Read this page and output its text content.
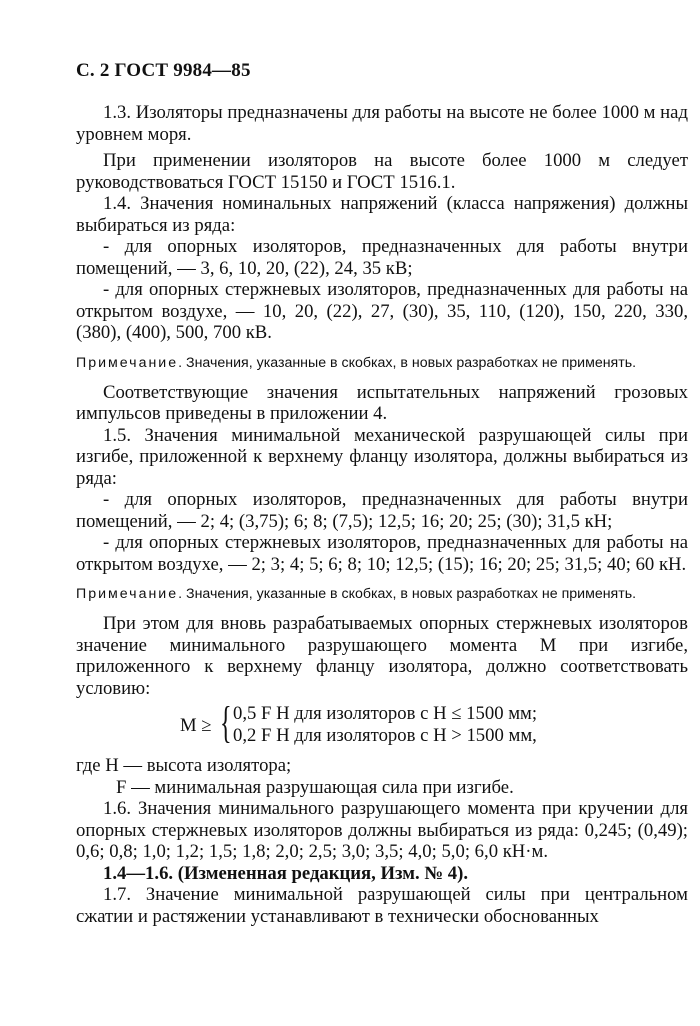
С. 2 ГОСТ 9984—85

1.3. Изоляторы предназначены для работы на высоте не более 1000 м над уровнем моря.

При применении изоляторов на высоте более 1000 м следует руководствоваться ГОСТ 15150 и ГОСТ 1516.1.

1.4. Значения номинальных напряжений (класса напряжения) должны выбираться из ряда:

- для опорных изоляторов, предназначенных для работы внутри помещений, — 3, 6, 10, 20, (22), 24, 35 кВ;

- для опорных стержневых изоляторов, предназначенных для работы на открытом воздухе, — 10, 20, (22), 27, (30), 35, 110, (120), 150, 220, 330, (380), (400), 500, 700 кВ.

Примечание. Значения, указанные в скобках, в новых разработках не применять.

Соответствующие значения испытательных напряжений грозовых импульсов приведены в приложении 4.

1.5. Значения минимальной механической разрушающей силы при изгибе, приложенной к верхнему фланцу изолятора, должны выбираться из ряда:

- для опорных изоляторов, предназначенных для работы внутри помещений, — 2; 4; (3,75); 6; 8; (7,5); 12,5; 16; 20; 25; (30); 31,5 кН;

- для опорных стержневых изоляторов, предназначенных для работы на открытом воздухе, — 2; 3; 4; 5; 6; 8; 10; 12,5; (15); 16; 20; 25; 31,5; 40; 60 кН.

Примечание. Значения, указанные в скобках, в новых разработках не применять.

При этом для вновь разрабатываемых опорных стержневых изоляторов значение минимального разрушающего момента M при изгибе, приложенного к верхнему фланцу изолятора, должно соответствовать условию:

M ≥ { 0,5 F H для изоляторов с H ≤ 1500 мм;
0,2 F H для изоляторов с H > 1500 мм,

где H — высота изолятора;

F — минимальная разрушающая сила при изгибе.

1.6. Значения минимального разрушающего момента при кручении для опорных стержневых изоляторов должны выбираться из ряда: 0,245; (0,49); 0,6; 0,8; 1,0; 1,2; 1,5; 1,8; 2,0; 2,5; 3,0; 3,5; 4,0; 5,0; 6,0 кН·м.

1.4—1.6. (Измененная редакция, Изм. № 4).

1.7. Значение минимальной разрушающей силы при центральном сжатии и растяжении устанавливают в технически обоснованных
